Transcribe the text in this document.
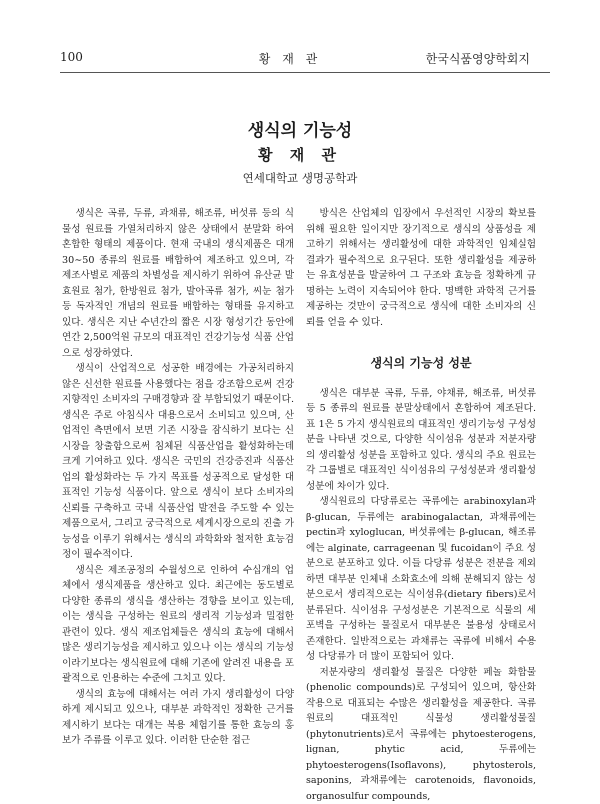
100	황 재 관	한국식품영양학회지
생식의 기능성
황 재 관
연세대학교 생명공학과

생식은 곡류, 두류, 과채류, 해조류, 버섯류 등의 식물성 원료를 가열처리하지 않은 상태에서 분말화 하여 혼합한 형태의 제품이다. 현재 국내의 생식제품은 대개 30∼50 종류의 원료를 배합하여 제조하고 있으며, 각 제조사별로 제품의 차별성을 제시하기 위하여 유산균 발효원료 첨가, 한방원료 첨가, 발아곡류 첨가, 씨눈 첨가 등 독자적인 개념의 원료를 배합하는 형태를 유지하고 있다. 생식은 지난 수년간의 짧은 시장 형성기간 동안에 연간 2,500억원 규모의 대표적인 건강기능성 식품 산업으로 성장하였다.

생식이 산업적으로 성공한 배경에는 가공처리하지 않은 신선한 원료를 사용했다는 점을 강조함으로써 건강지향적인 소비자의 구매경향과 잘 부합되었기 때문이다. 생식은 주로 아침식사 대용으로서 소비되고 있으며, 산업적인 측면에서 보면 기존 시장을 잠식하기 보다는 신시장을 창출함으로써 침체된 식품산업을 활성화하는데 크게 기여하고 있다. 생식은 국민의 건강증진과 식품산업의 활성화라는 두 가지 목표를 성공적으로 달성한 대표적인 기능성 식품이다. 앞으로 생식이 보다 소비자의 신뢰를 구축하고 국내 식품산업 발전을 주도할 수 있는 제품으로서, 그리고 궁극적으로 세계시장으로의 진출 가능성을 이루기 위해서는 생식의 과학화와 철저한 효능검정이 필수적이다.

생식은 제조공정의 수월성으로 인하여 수십개의 업체에서 생식제품을 생산하고 있다. 최근에는 동도별로 다양한 종류의 생식을 생산하는 경향을 보이고 있는데, 이는 생식을 구성하는 원료의 생리적 기능성과 밀접한 관련이 있다. 생식 제조업체들은 생식의 효능에 대해서 많은 생리기능성을 제시하고 있으나 이는 생식의 기능성이라기보다는 생식원료에 대해 기존에 알려진 내용을 포괄적으로 인용하는 수준에 그치고 있다.

생식의 효능에 대해서는 여러 가지 생리활성이 다양하게 제시되고 있으나, 대부분 과학적인 정확한 근거를 제시하기 보다는 대개는 복용 체험기를 통한 효능의 홍보가 주류를 이루고 있다. 이러한 단순한 접근

방식은 산업체의 입장에서 우선적인 시장의 확보를 위해 필요한 일이지만 장기적으로 생식의 상품성을 제고하기 위해서는 생리활성에 대한 과학적인 임체실험 결과가 필수적으로 요구된다. 또한 생리활성을 제공하는 유효성분을 발굴하여 그 구조와 효능을 정확하게 규명하는 노력이 지속되어야 한다. 명백한 과학적 근거를 제공하는 것만이 궁극적으로 생식에 대한 소비자의 신뢰를 얻을 수 있다.

생식의 기능성 성분

생식은 대부분 곡류, 두류, 야채류, 해조류, 버섯류 등 5 종류의 원료를 분말상태에서 혼합하여 제조된다. 표 1은 5 가지 생식원료의 대표적인 생리기능성 구성성분을 나타낸 것으로, 다양한 식이섬유 성분과 저분자량의 생리활성 성분을 포함하고 있다. 생식의 주요 원료는 각 그룹별로 대표적인 식이섬유의 구성성분과 생리활성 성분에 차이가 있다.

생식원료의 다당류로는 곡류에는 arabinoxylan과 β-glucan, 두류에는 arabinogalactan, 과채류에는 pectin과 xyloglucan, 버섯류에는 β-glucan, 해조류에는 alginate, carrageenan 및 fucoidan이 주요 성분으로 분포하고 있다. 이들 다당류 성분은 전분을 제외하면 대부분 인체내 소화효소에 의해 분해되지 않는 성분으로서 생리적으로는 식이섬유(dietary fibers)로서 분류된다. 식이섬유 구성성분은 기본적으로 식물의 세포벽을 구성하는 물질로서 대부분은 불용성 상태로서 존재한다. 일반적으로는 과채류는 곡류에 비해서 수용성 다당류가 더 많이 포함되어 있다.

저분자량의 생리활성 물질은 다양한 페놀 화합물(phenolic compounds)로 구성되어 있으며, 항산화작용으로 대표되는 수많은 생리활성을 제공한다. 곡류 원료의 대표적인 식물성 생리활성물질(phytonutrients)로서 곡류에는 phytoesterogens, lignan, phytic acid, 두류에는 phytoesterogens(Isoflavons), phytosterols, saponins, 과채류에는 carotenoids, flavonoids, organosulfur compounds,
